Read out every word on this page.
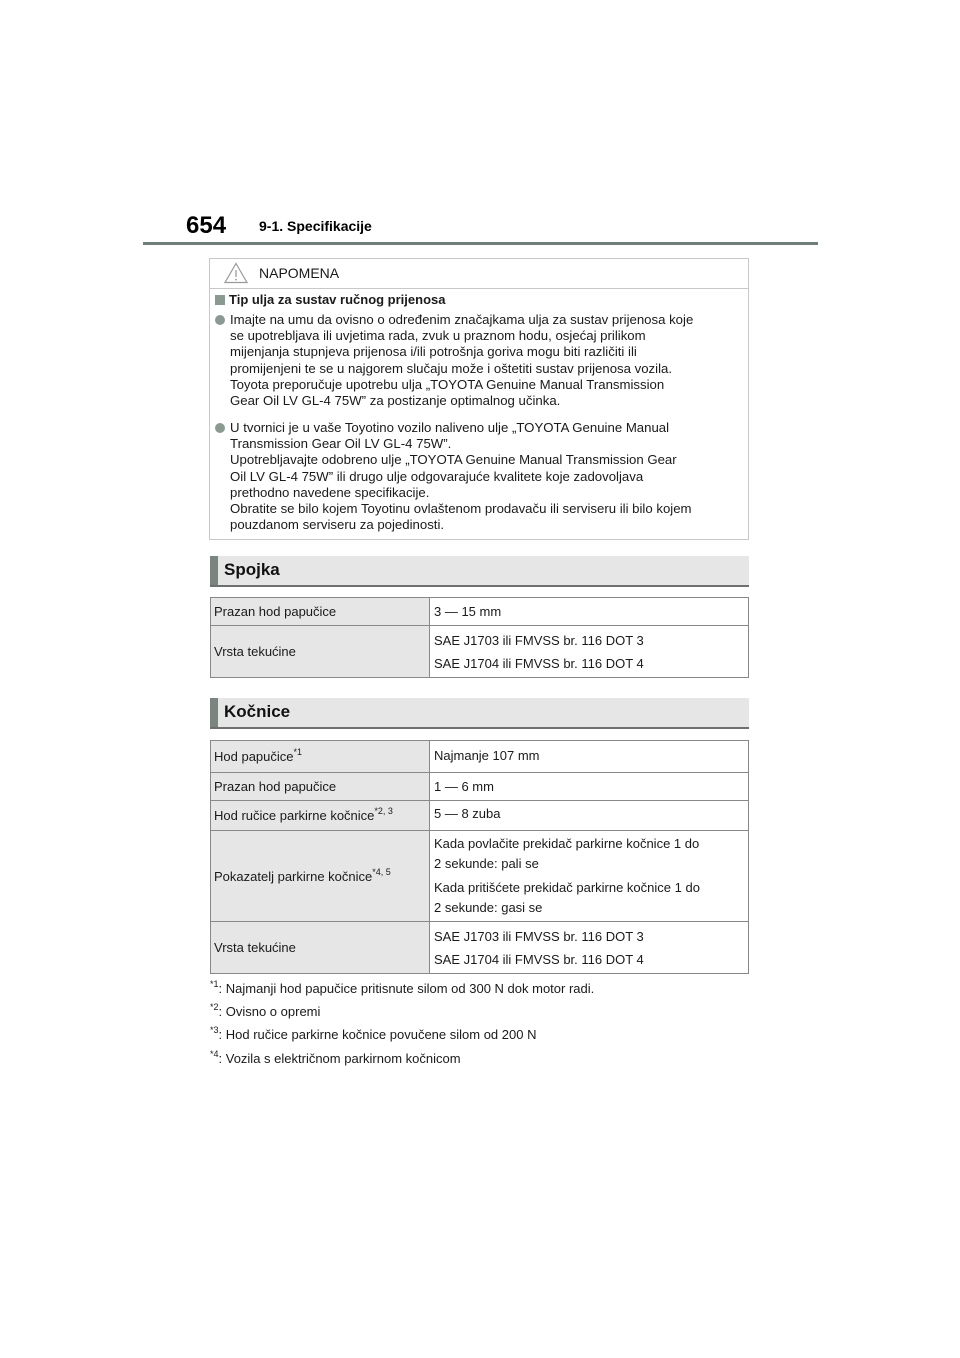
654 9-1. Specifikacije
NAPOMENA
Tip ulja za sustav ručnog prijenosa
Imajte na umu da ovisno o određenim značajkama ulja za sustav prijenosa koje
se upotrebljava ili uvjetima rada, zvuk u praznom hodu, osjećaj prilikom
mijenjanja stupnjeva prijenosa i/ili potrošnja goriva mogu biti različiti ili
promijenjeni te se u najgorem slučaju može i oštetiti sustav prijenosa vozila.
Toyota preporučuje upotrebu ulja „TOYOTA Genuine Manual Transmission
Gear Oil LV GL-4 75W” za postizanje optimalnog učinka.
U tvornici je u vaše Toyotino vozilo naliveno ulje „TOYOTA Genuine Manual
Transmission Gear Oil LV GL-4 75W”.
Upotrebljavajte odobreno ulje „TOYOTA Genuine Manual Transmission Gear
Oil LV GL-4 75W” ili drugo ulje odgovarajuće kvalitete koje zadovoljava
prethodno navedene specifikacije.
Obratite se bilo kojem Toyotinu ovlaštenom prodavaču ili serviseru ili bilo kojem
pouzdanom serviseru za pojedinosti.
Spojka
Prazan hod papučice	3 — 15 mm

Vrsta tekućine	SAE J1703 ili FMVSS br. 116 DOT 3
SAE J1704 ili FMVSS br. 116 DOT 4
Kočnice
Hod papučice$^{*1}$	Najmanje 107 mm

Prazan hod papučice	1 — 6 mm

Hod ručice parkirne kočnice$^{*2, 3}$	5 — 8 zuba

Pokazatelj parkirne kočnice$^{*4, 5}$	Kada povlačite prekidač parkirne kočnice 1 do
2 sekunde: pali se
Kada pritišćete prekidač parkirne kočnice 1 do
2 sekunde: gasi se

Vrsta tekućine	SAE J1703 ili FMVSS br. 116 DOT 3
SAE J1704 ili FMVSS br. 116 DOT 4
$^{*1}$: Najmanji hod papučice pritisnute silom od 300 N dok motor radi.
$^{*2}$: Ovisno o opremi
$^{*3}$: Hod ručice parkirne kočnice povučene silom od 200 N
$^{*4}$: Vozila s električnom parkirnom kočnicom
